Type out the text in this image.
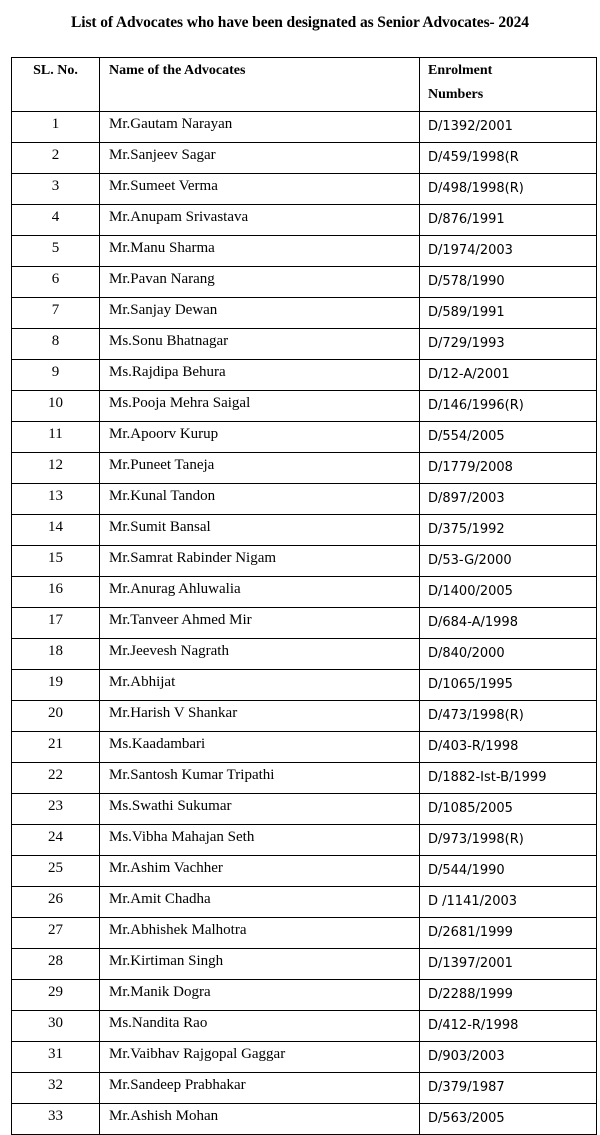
List of Advocates who have been designated as Senior Advocates- 2024
SL. No.	Name of the Advocates	Enrolment
Numbers

1	Mr.Gautam Narayan	D/1392/2001
2	Mr.Sanjeev Sagar	D/459/1998(R
3	Mr.Sumeet Verma	D/498/1998(R)
4	Mr.Anupam Srivastava	D/876/1991
5	Mr.Manu Sharma	D/1974/2003
6	Mr.Pavan Narang	D/578/1990
7	Mr.Sanjay Dewan	D/589/1991
8	Ms.Sonu Bhatnagar	D/729/1993
9	Ms.Rajdipa Behura	D/12-A/2001
10	Ms.Pooja Mehra Saigal	D/146/1996(R)
11	Mr.Apoorv Kurup	D/554/2005
12	Mr.Puneet Taneja	D/1779/2008
13	Mr.Kunal Tandon	D/897/2003
14	Mr.Sumit Bansal	D/375/1992
15	Mr.Samrat Rabinder Nigam	D/53-G/2000
16	Mr.Anurag Ahluwalia	D/1400/2005
17	Mr.Tanveer Ahmed Mir	D/684-A/1998
18	Mr.Jeevesh Nagrath	D/840/2000
19	Mr.Abhijat	D/1065/1995
20	Mr.Harish V Shankar	D/473/1998(R)
21	Ms.Kaadambari	D/403-R/1998
22	Mr.Santosh Kumar Tripathi	D/1882-Ist-B/1999
23	Ms.Swathi Sukumar	D/1085/2005
24	Ms.Vibha Mahajan Seth	D/973/1998(R)
25	Mr.Ashim Vachher	D/544/1990
26	Mr.Amit Chadha	D /1141/2003
27	Mr.Abhishek Malhotra	D/2681/1999
28	Mr.Kirtiman Singh	D/1397/2001
29	Mr.Manik Dogra	D/2288/1999
30	Ms.Nandita Rao	D/412-R/1998
31	Mr.Vaibhav Rajgopal Gaggar	D/903/2003
32	Mr.Sandeep Prabhakar	D/379/1987
33	Mr.Ashish Mohan	D/563/2005
